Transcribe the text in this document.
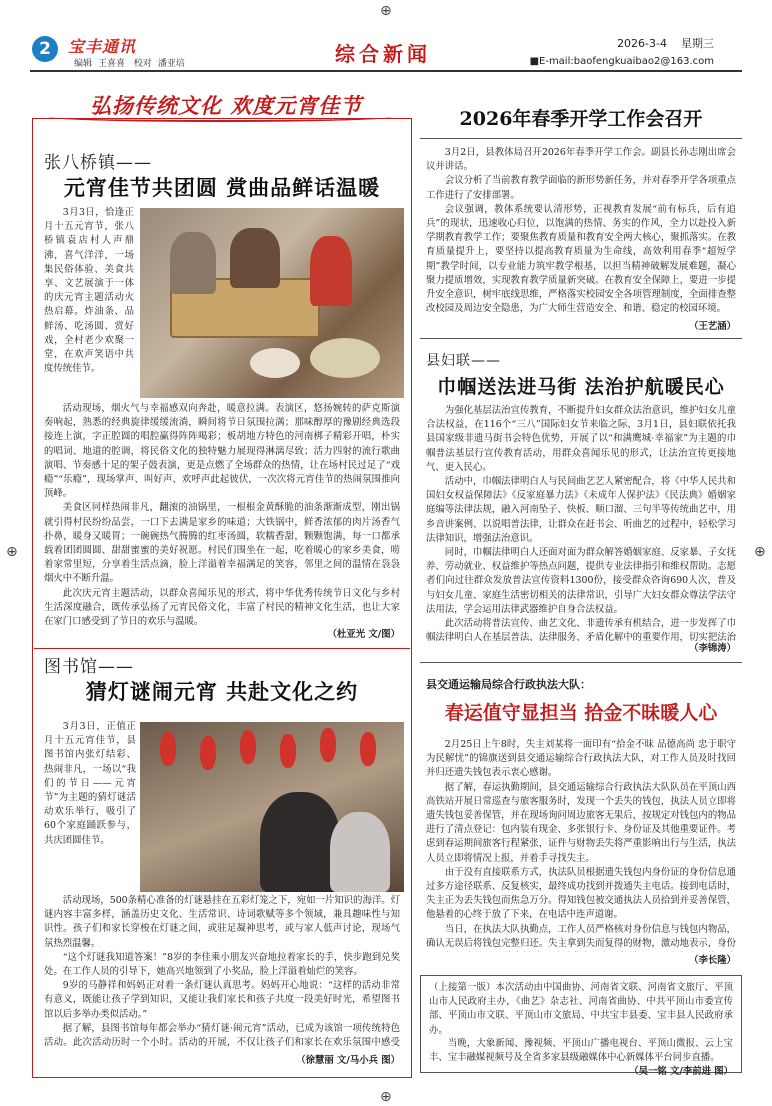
⊕
⊕
⊕	⊕
2	宝丰通讯
编辑 王喜喜 校对 潘亚培	综合新闻	2026-3-4 星期三
■E-mail:baofengkuaibao2@163.com
弘扬传统文化 欢度元宵佳节
张八桥镇——
元宵佳节共团圆 赏曲品鲜话温暖

3月3日，恰逢正月十五元宵节，张八桥镇袁店村人声鼎沸，喜气洋洋，一场集民俗体验、美食共享、文艺展演于一体的庆元宵主题活动火热启幕。炸油条、品鲜汤、吃汤圆、赏好戏，全村老少欢聚一堂，在欢声笑语中共度传统佳节。

活动现场，烟火气与幸福感双向奔赴，暖意拉满。表演区，悠扬婉转的萨克斯演奏响起，熟悉的经典旋律缓缓流淌，瞬间将节日氛围拉满；那味醇厚的豫剧经典选段接连上演，字正腔圆的唱腔赢得阵阵喝彩；板胡地方特色的河南梆子精彩开唱，朴实的唱词、地道的腔调，将民俗文化的独特魅力展现得淋漓尽致；活力四射的流行歌曲演唱、节奏感十足的架子鼓表演，更是点燃了全场群众的热情，让在场村民过足了“戏瘾”“乐瘾”，现场掌声、叫好声、欢呼声此起彼伏，一次次将元宵佳节的热闹氛围推向顶峰。

美食区同样热闹非凡，翻滚的油锅里，一根根金黄酥脆的油条渐渐成型，刚出锅就引得村民纷纷品尝，一口下去满是家乡的味道；大铁锅中，鲜香浓郁的肉片汤香气扑鼻，暖身又暖胃；一碗碗热气腾腾的红枣汤圆，软糯香甜，颗颗饱满，每一口都承载着团团圆圆、甜甜蜜蜜的美好祝愿。村民们围坐在一起，吃着暖心的家乡美食，唠着家常里短，分享着生活点滴，脸上洋溢着幸福满足的笑容，邻里之间的温情在袅袅烟火中不断升温。

此次庆元宵主题活动，以群众喜闻乐见的形式，将中华优秀传统节日文化与乡村生活深度融合，既传承弘扬了元宵民俗文化，丰富了村民的精神文化生活，也让大家在家门口感受到了节日的欢乐与温暖。

（杜亚光 文/图）
图书馆——
猜灯谜闹元宵 共赴文化之约

3月3日，正值正月十五元宵佳节，县图书馆内张灯结彩、热闹非凡，一场以“我们的节日——元宵节”为主题的猜灯谜活动欢乐举行，吸引了60个家庭踊跃参与，共庆团圆佳节。

活动现场，500条精心准备的灯谜悬挂在五彩灯笼之下，宛如一片知识的海洋。灯谜内容丰富多样，涵盖历史文化、生活常识、诗词歌赋等多个领域，兼具趣味性与知识性。孩子们和家长穿梭在灯谜之间，或驻足凝神思考，或与家人低声讨论，现场气氛热烈温馨。

“这个灯谜我知道答案！”8岁的李佳乘小朋友兴奋地拉着家长的手，快步跑到兑奖处。在工作人员的引导下，她高兴地领到了小奖品，脸上洋溢着灿烂的笑容。

9岁的马静祥和妈妈正对着一条灯谜认真思考。妈妈开心地说：“这样的活动非常有意义，既能让孩子学到知识，又能让我们家长和孩子共度一段美好时光，希望图书馆以后多举办类似活动。”

据了解，县图书馆每年都会举办“猜灯谜·闹元宵”活动，已成为该馆一项传统特色活动。此次活动历时一个小时。活动的开展，不仅让孩子们和家长在欢乐氛围中感受

（徐慧丽 文/马小兵 图）
2026年春季开学工作会召开

3月2日，县教体局召开2026年春季开学工作会。副县长孙志刚出席会议并讲话。

会议分析了当前教育教学面临的新形势新任务，并对春季开学各项重点工作进行了安排部署。

会议强调，教体系统要认清形势，正视教育发展“前有标兵，后有追兵”的现状，迅速收心归位，以饱满的热情、务实的作风，全力以赴投入新学期教育教学工作；要聚焦教育质量和教育安全两大核心，聚抓落实。在教育质量提升上，要坚持以提高教育质量为生命线，高效利用春季“超短学期”教学时间，以专业能力筑牢教学根基，以担当精神破解发展难题，凝心聚力提质增效，实现教育教学质量新突破。在教育安全保障上，要进一步提升安全意识，树牢底线思维，严格落实校园安全各项管理制度，全面排查整改校园及周边安全隐患，为广大师生营造安全、和谐、稳定的校园环境。

（王艺涵）
县妇联——
巾帼送法进马街 法治护航暖民心

为强化基层法治宣传教育，不断提升妇女群众法治意识，维护妇女儿童合法权益，在116个“三八”国际妇女节来临之际，3月1日，县妇联依托我县国家级非遗马街书会特色优势，开展了以“和满鹰城·幸福家”为主题的巾帼普法基层行宣传教育活动，用群众喜闻乐见的形式，让法治宣传更接地气、更入民心。

活动中，巾帼法律明白人与民间曲艺艺人紧密配合，将《中华人民共和国妇女权益保障法》《反家庭暴力法》《未成年人保护法》《民法典》婚姻家庭编等法律法规，融入河南坠子、快板、顺口溜、三句半等传统曲艺中，用乡音讲案例、以说唱普法律，让群众在赶书会、听曲艺的过程中，轻松学习法律知识，增强法治意识。

同时，巾帼法律明白人还面对面为群众解答婚姻家庭、反家暴、子女抚养、劳动就业、权益维护等热点问题，提供专业法律指引和维权帮助。志愿者们向过往群众发放普法宣传资料1300份，接受群众咨询690人次，普及与妇女儿童、家庭生活密切相关的法律常识，引导广大妇女群众尊法学法守法用法，学会运用法律武器维护自身合法权益。

此次活动将普法宣传、曲艺文化、非遗传承有机结合，进一步发挥了巾帼法律明白人在基层普法、法律服务、矛盾化解中的重要作用，切实把法治

（李锦涛）
县交通运输局综合行政执法大队：
春运值守显担当 拾金不昧暖人心

2月25日上午8时，失主刘某将一面印有“拾金不昧 品德高尚 忠于职守 为民解忧”的锦旗送到县交通运输综合行政执法大队，对工作人员及时找回并归还遗失钱包表示衷心感谢。

据了解，春运执勤期间，县交通运输综合行政执法大队队员在平顶山西高铁站开展日常巡查与旅客服务时，发现一个丢失的钱包，执法人员立即将遗失钱包妥善保管，并在现场询问周边旅客无果后，按规定对钱包内的物品进行了清点登记：包内装有现金、多张银行卡、身份证及其他重要证件。考虑到春运期间旅客行程紧张，证件与财物丢失将严重影响出行与生活，执法人员立即将情况上报，并着手寻找失主。

由于没有直接联系方式，执法队员根据遗失钱包内身份证的身份信息通过多方途径联系、反复核实，最终成功找到并拨通失主电话。接到电话时，失主正为丢失钱包而焦急万分。得知钱包被交通执法人员拾到并妥善保管，他悬着的心终于放了下来，在电话中连声道谢。

当日，在执法大队执勤点，工作人员严格核对身份信息与钱包内物品，确认无误后将钱包完整归还。失主拿到失而复得的财物，激动地表示，身份

（李长隆）

（上接第一版）本次活动由中国曲协、河南省文联、河南省文旅厅、平顶山市人民政府主办，《曲艺》杂志社、河南省曲协、中共平顶山市委宣传部、平顶山市文联、平顶山市文旅局、中共宝丰县委、宝丰县人民政府承办。

当晚，大象新闻、豫视频、平顶山广播电视台、平顶山微报、云上宝丰、宝丰融媒视频号及全省多家县级融媒体中心新媒体平台同步直播。

（吴一铭 文/李前进 图）
